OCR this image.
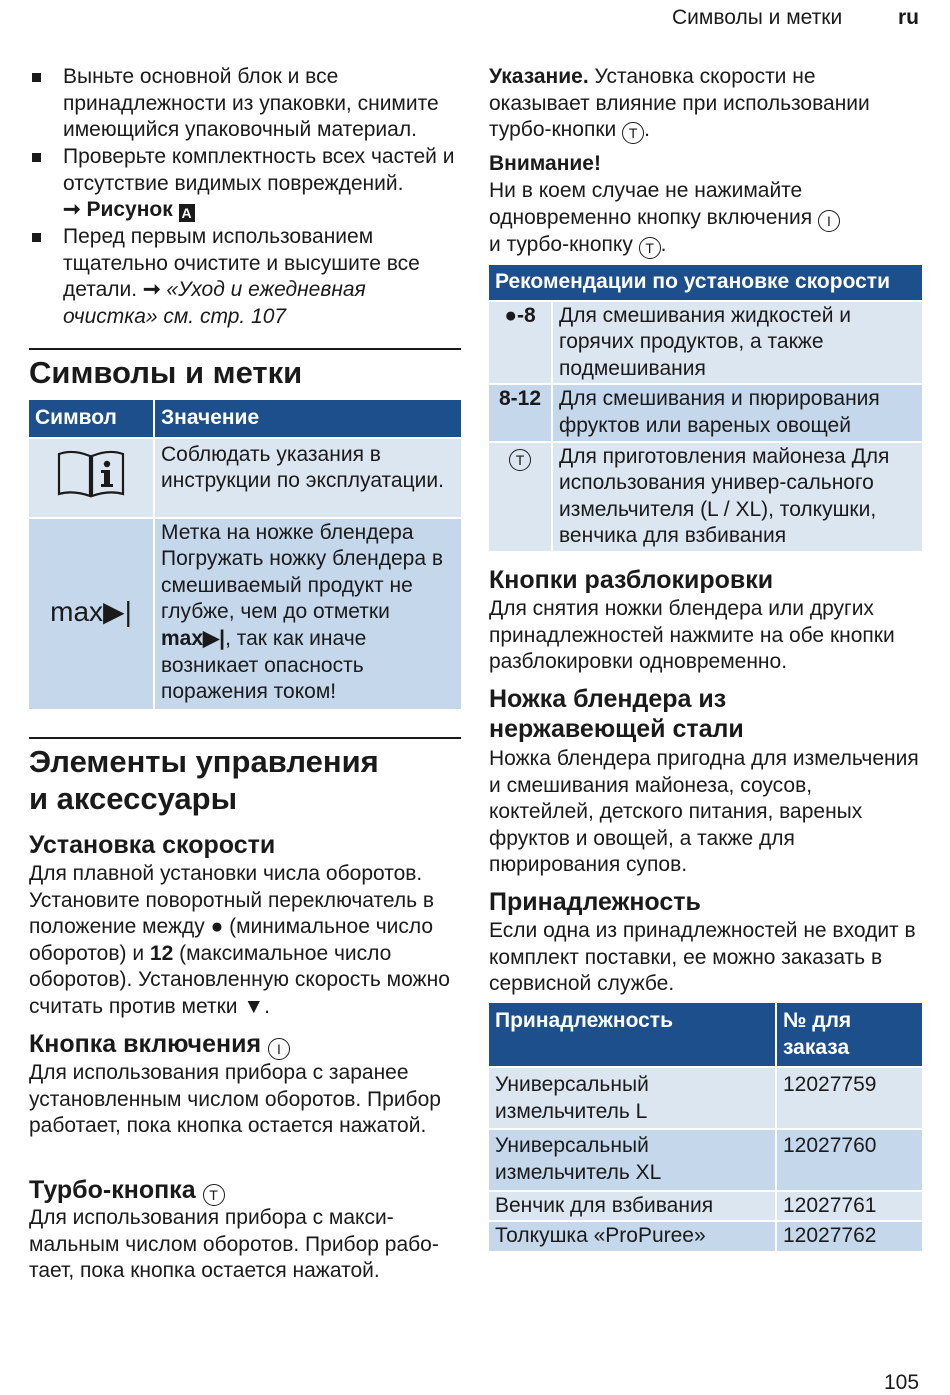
Символы и метки	ru
Выньте основной блок и все принадлежности из упаковки, снимите имеющийся упаковочный материал.
Проверьте комплектность всех частей и отсутствие видимых повреждений.
➞ Рисунок A
Перед первым использованием тщательно очистите и высушите все детали. ➞ «Уход и ежедневная очистка» см. стр. 107
Символы и метки
Символ	Значение
	Соблюдать указания в инструкции по эксплуатации.
max▶|	Метка на ножке блендера
Погружать ножку блендера в смешиваемый продукт не глубже, чем до отметки max▶|, так как иначе возникает опасность поражения током!
Элементы управления
и аксессуары
Установка скорости
Для плавной установки числа оборотов. Установите поворотный переключатель в положение между ● (минимальное число оборотов) и 12 (максимальное число оборотов). Установленную скорость можно считать против метки ▼.
Кнопка включения I
Для использования прибора с заранее установленным числом оборотов. Прибор работает, пока кнопка остается нажатой.
Турбо-кнопка T
Для использования прибора с макси-мальным числом оборотов. Прибор рабо-тает, пока кнопка остается нажатой.
Указание. Установка скорости не оказывает влияние при использовании турбо-кнопки T .
Внимание!
Ни в коем случае не нажимайте одновременно кнопку включения I
и турбо-кнопку T .
Рекомендации по установке скорости	
●-8	Для смешивания жидкостей и горячих продуктов, а также подмешивания
8-12	Для смешивания и пюрирования фруктов или вареных овощей
T	Для приготовления майонеза Для использования универ-сального измельчителя (L / XL), толкушки, венчика для взбивания
Кнопки разблокировки
Для снятия ножки блендера или других принадлежностей нажмите на обе кнопки разблокировки одновременно.
Ножка блендера из
нержавеющей стали
Ножка блендера пригодна для измельчения и смешивания майонеза, соусов, коктейлей, детского питания, вареных фруктов и овощей, а также для пюрирования супов.
Принадлежность
Если одна из принадлежностей не входит в комплект поставки, ее можно заказать в сервисной службе.
Принадлежность	№ для заказа
Универсальный измельчитель L	12027759
Универсальный измельчитель XL	12027760
Венчик для взбивания	12027761
Толкушка «ProPuree»	12027762
105
